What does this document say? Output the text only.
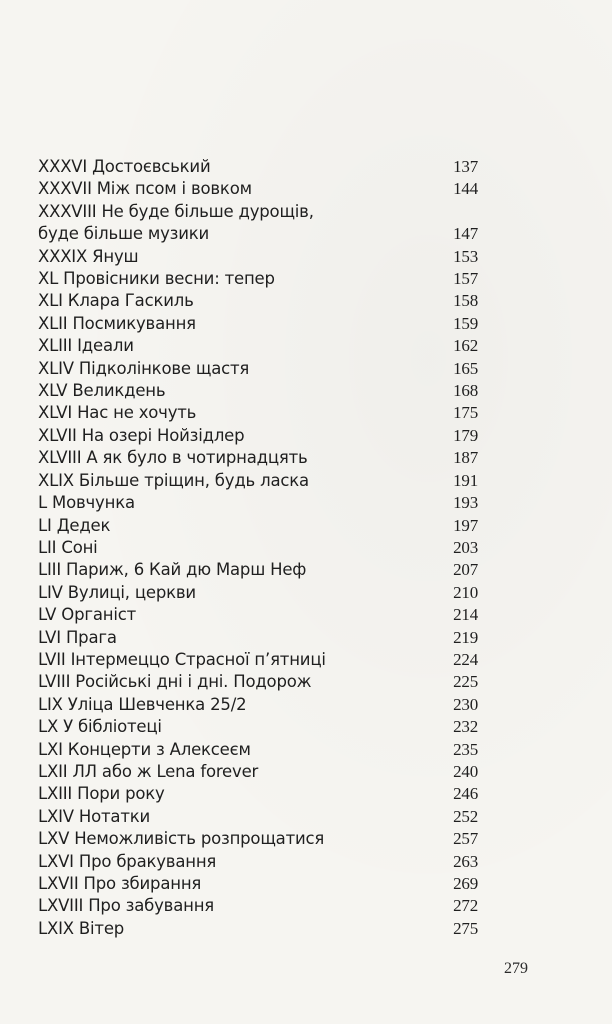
XXXVI Достоєвський	137
XXXVII Між псом і вовком	144
XXXVIII Не буде більше дурощів,
буде більше музики	147
XXXIX Януш	153
XL Провісники весни: тепер	157
XLI Клара Гаскиль	158
XLII Посмикування	159
XLIII Ідеали	162
XLIV Підколінкове щастя	165
XLV Великдень	168
XLVI Нас не хочуть	175
XLVII На озері Нойзідлер	179
XLVIII А як було в чотирнадцять	187
XLIX Більше тріщин, будь ласка	191
L Мовчунка	193
LI Дедек	197
LII Соні	203
LIII Париж, 6 Кай дю Марш Неф	207
LIV Вулиці, церкви	210
LV Органіст	214
LVI Прага	219
LVII Інтермеццо Страсної п’ятниці	224
LVIII Російські дні і дні. Подорож	225
LIX Уліца Шевченка 25/2	230
LX У бібліотеці	232
LXI Концерти з Алексеєм	235
LXII ЛЛ або ж Lena forever	240
LXIII Пори року	246
LXIV Нотатки	252
LXV Неможливість розпрощатися	257
LXVI Про бракування	263
LXVII Про збирання	269
LXVIII Про забування	272
LXIX Вітер	275
279
